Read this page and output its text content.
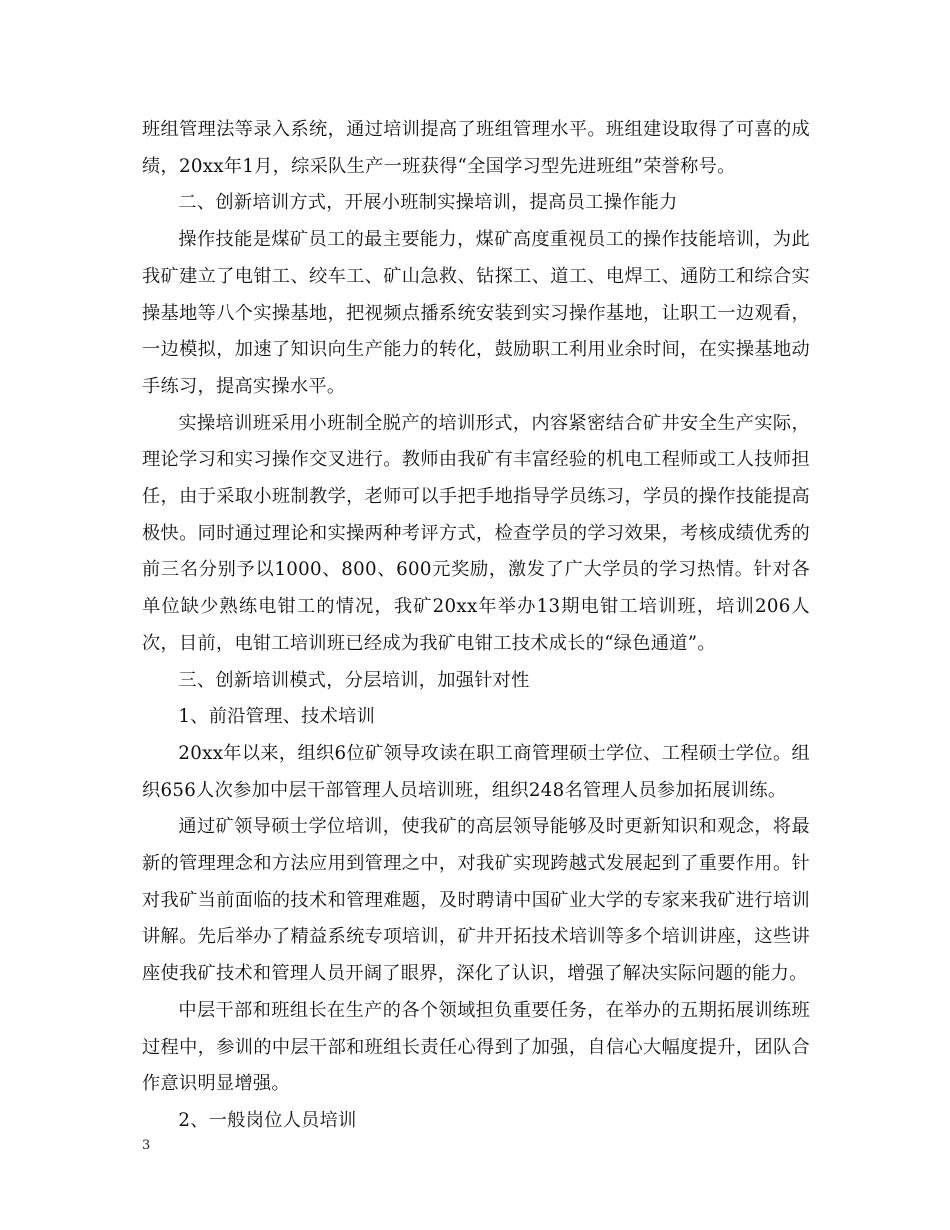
班组管理法等录入系统，通过培训提高了班组管理水平。班组建设取得了可喜的成绩，20xx年1月，综采队生产一班获得“全国学习型先进班组”荣誉称号。

二、创新培训方式，开展小班制实操培训，提高员工操作能力

操作技能是煤矿员工的最主要能力，煤矿高度重视员工的操作技能培训，为此我矿建立了电钳工、绞车工、矿山急救、钻探工、道工、电焊工、通防工和综合实操基地等八个实操基地，把视频点播系统安装到实习操作基地，让职工一边观看，一边模拟，加速了知识向生产能力的转化，鼓励职工利用业余时间，在实操基地动手练习，提高实操水平。

实操培训班采用小班制全脱产的培训形式，内容紧密结合矿井安全生产实际，理论学习和实习操作交叉进行。教师由我矿有丰富经验的机电工程师或工人技师担任，由于采取小班制教学，老师可以手把手地指导学员练习，学员的操作技能提高极快。同时通过理论和实操两种考评方式，检查学员的学习效果，考核成绩优秀的前三名分别予以1000、800、600元奖励，激发了广大学员的学习热情。针对各单位缺少熟练电钳工的情况，我矿20xx年举办13期电钳工培训班，培训206人次，目前，电钳工培训班已经成为我矿电钳工技术成长的“绿色通道”。

三、创新培训模式，分层培训，加强针对性

1、前沿管理、技术培训

20xx年以来，组织6位矿领导攻读在职工商管理硕士学位、工程硕士学位。组织656人次参加中层干部管理人员培训班，组织248名管理人员参加拓展训练。

通过矿领导硕士学位培训，使我矿的高层领导能够及时更新知识和观念，将最新的管理理念和方法应用到管理之中，对我矿实现跨越式发展起到了重要作用。针对我矿当前面临的技术和管理难题，及时聘请中国矿业大学的专家来我矿进行培训讲解。先后举办了精益系统专项培训，矿井开拓技术培训等多个培训讲座，这些讲座使我矿技术和管理人员开阔了眼界，深化了认识，增强了解决实际问题的能力。

中层干部和班组长在生产的各个领域担负重要任务，在举办的五期拓展训练班过程中，参训的中层干部和班组长责任心得到了加强，自信心大幅度提升，团队合作意识明显增强。

2、一般岗位人员培训

3
